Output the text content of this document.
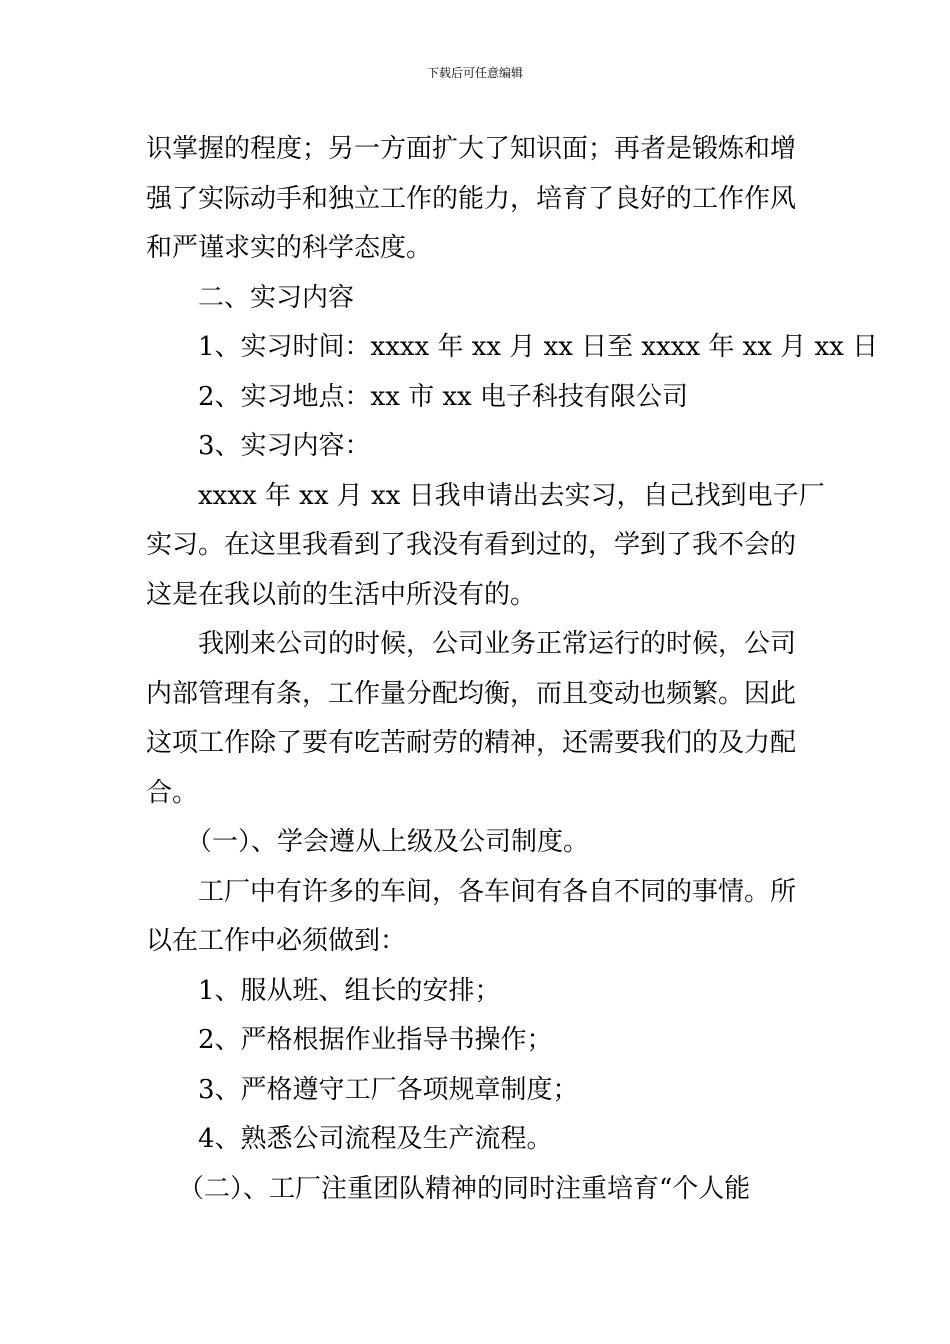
下载后可任意编辑

识掌握的程度；另一方面扩大了知识面；再者是锻炼和增

强了实际动手和独立工作的能力，培育了良好的工作作风

和严谨求实的科学态度。

二、实习内容

1、实习时间：xxxx 年 xx 月 xx 日至 xxxx 年 xx 月 xx 日

2、实习地点：xx 市 xx 电子科技有限公司

3、实习内容：

xxxx 年 xx 月 xx 日我申请出去实习，自己找到电子厂

实习。在这里我看到了我没有看到过的，学到了我不会的

这是在我以前的生活中所没有的。

我刚来公司的时候，公司业务正常运行的时候，公司

内部管理有条，工作量分配均衡，而且变动也频繁。因此

这项工作除了要有吃苦耐劳的精神，还需要我们的及力配

合。

（一）、学会遵从上级及公司制度。

工厂中有许多的车间，各车间有各自不同的事情。所

以在工作中必须做到：

1、服从班、组长的安排；

2、严格根据作业指导书操作；

3、严格遵守工厂各项规章制度；

4、熟悉公司流程及生产流程。

（二）、工厂注重团队精神的同时注重培育“个人能
